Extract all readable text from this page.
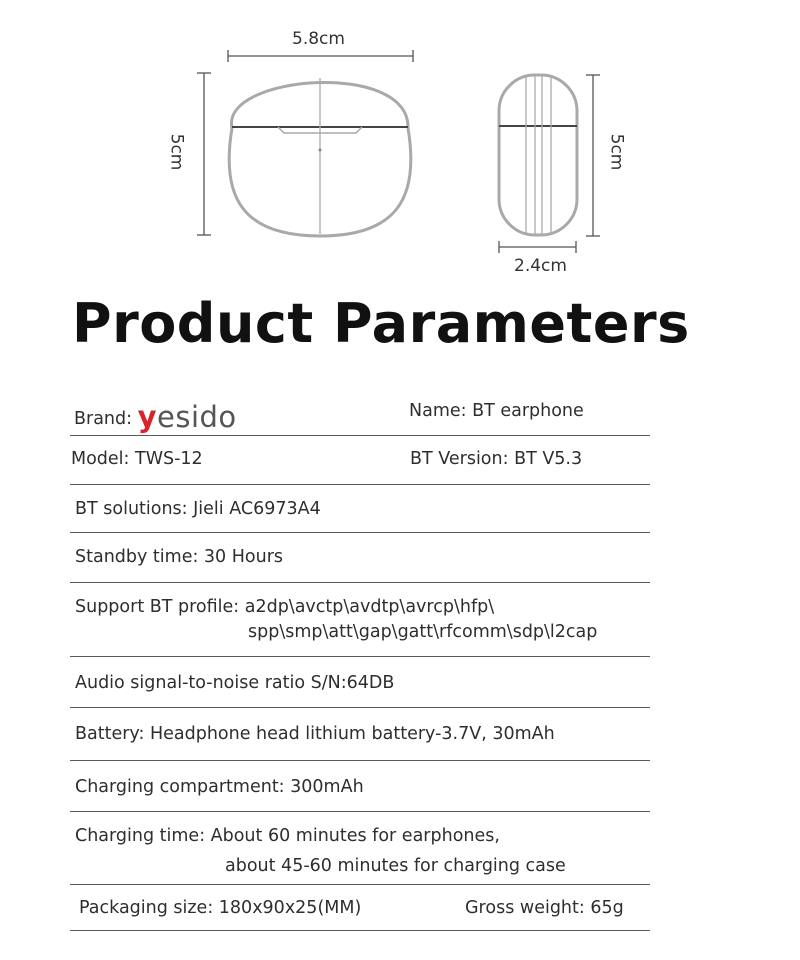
5.8cm
5cm	5cm
2.4cm
Product Parameters
Brand: yesido	Name: BT earphone
Model: TWS-12	BT Version: BT V5.3
BT solutions: Jieli AC6973A4
Standby time: 30 Hours
Support BT profile: a2dp\avctp\avdtp\avrcp\hfp\
spp\smp\att\gap\gatt\rfcomm\sdp\l2cap
Audio signal-to-noise ratio S/N:64DB
Battery: Headphone head lithium battery-3.7V, 30mAh
Charging compartment: 300mAh
Charging time: About 60 minutes for earphones,
about 45-60 minutes for charging case
Packaging size: 180x90x25(MM)	Gross weight: 65g
